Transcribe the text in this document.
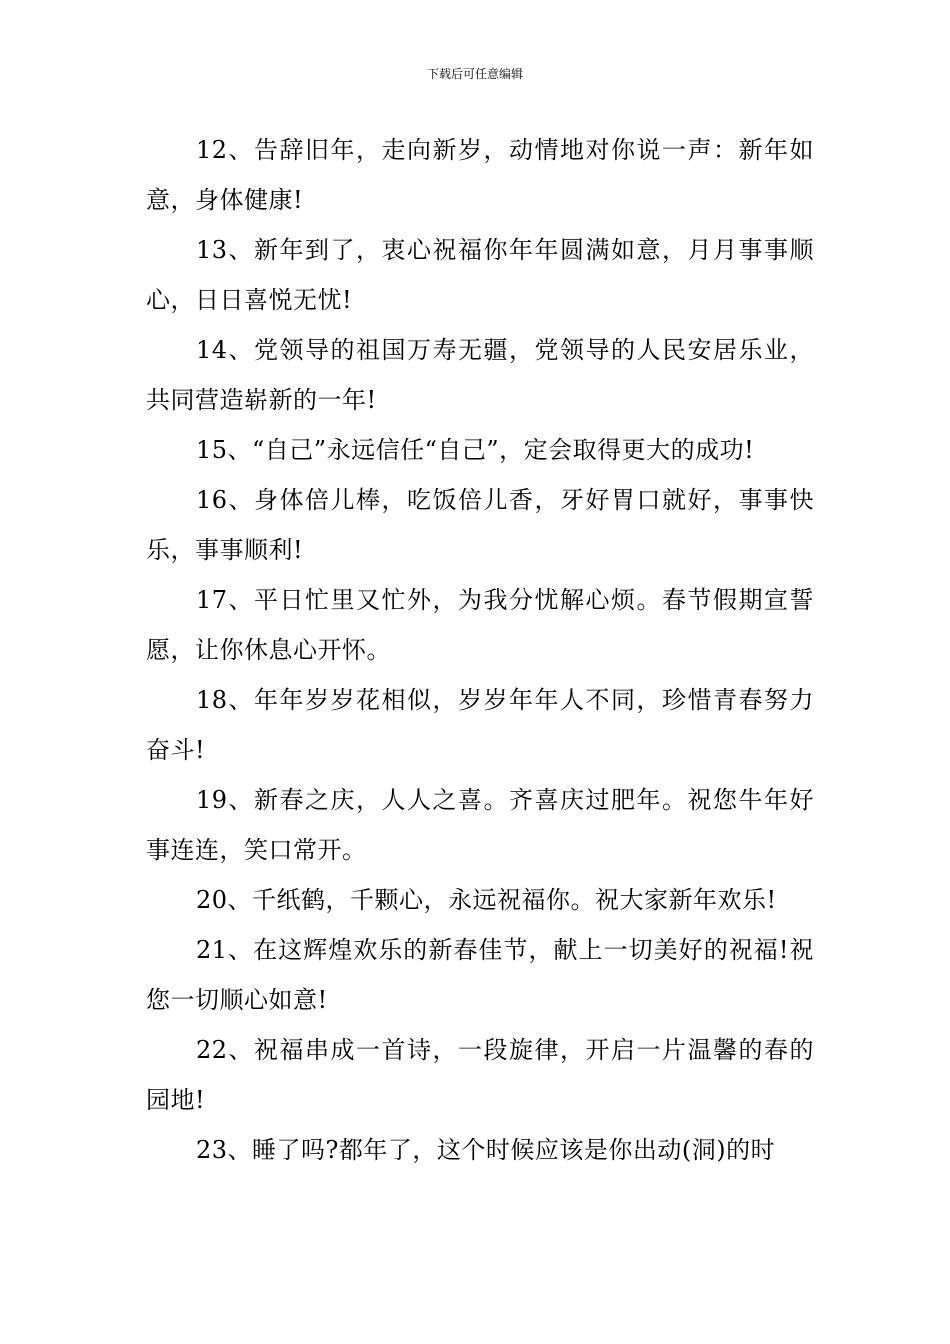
下载后可任意编辑

12、告辞旧年，走向新岁，动情地对你说一声：新年如意，身体健康!

13、新年到了，衷心祝福你年年圆满如意，月月事事顺心，日日喜悦无忧!

14、党领导的祖国万寿无疆，党领导的人民安居乐业，共同营造崭新的一年!

15、“自己”永远信任“自己”，定会取得更大的成功!

16、身体倍儿棒，吃饭倍儿香，牙好胃口就好，事事快乐，事事顺利!

17、平日忙里又忙外，为我分忧解心烦。春节假期宣誓愿，让你休息心开怀。

18、年年岁岁花相似，岁岁年年人不同，珍惜青春努力奋斗!

19、新春之庆，人人之喜。齐喜庆过肥年。祝您牛年好事连连，笑口常开。

20、千纸鹤，千颗心，永远祝福你。祝大家新年欢乐!

21、在这辉煌欢乐的新春佳节，献上一切美好的祝福!祝您一切顺心如意!

22、祝福串成一首诗，一段旋律，开启一片温馨的春的园地!

23、睡了吗?都年了，这个时候应该是你出动(洞)的时
